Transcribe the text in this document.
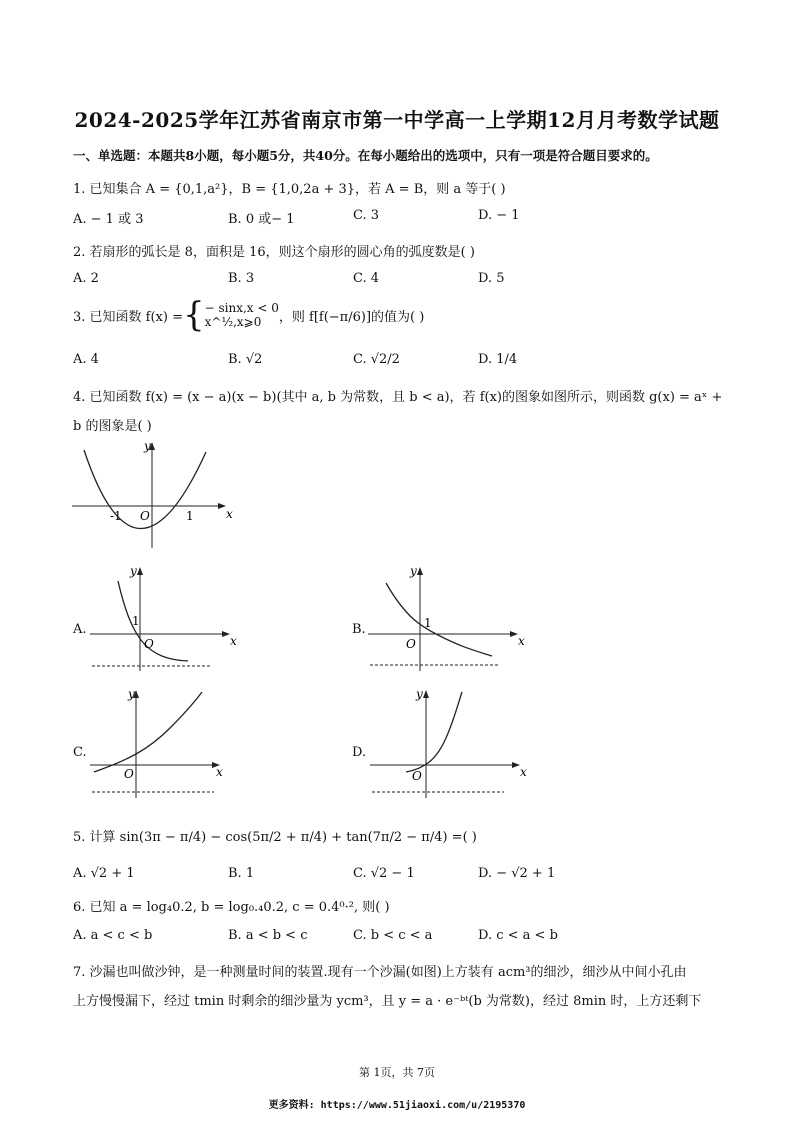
2024-2025学年江苏省南京市第一中学高一上学期12月月考数学试题
一、单选题：本题共8小题，每小题5分，共40分。在每小题给出的选项中，只有一项是符合题目要求的。
1. 已知集合 A = {0,1,a²}，B = {1,0,2a + 3}，若 A = B，则 a 等于( )
A. − 1 或 3	B. 0 或− 1	C. 3	D. − 1
2. 若扇形的弧长是 8，面积是 16，则这个扇形的圆心角的弧度数是( )
A. 2	B. 3	C. 4	D. 5
3. 已知函数 f(x) = { − sinx,x < 0
x^½,x⩾0	，则 f[f(−π/6)]的值为( )
A. 4	B. √2	C. √2/2	D. 1/4
4. 已知函数 f(x) = (x − a)(x − b)(其中 a, b 为常数，且 b < a)，若 f(x)的图象如图所示，则函数 g(x) = aˣ +
b 的图象是( )
x
y
O
-1	1
A.
x
y
O
1
B.
x
y
O
1
C.
x
y
O
D.
x
y
O
5. 计算 sin(3π − π/4) − cos(5π/2 + π/4) + tan(7π/2 − π/4) =( )
A. √2 + 1	B. 1	C. √2 − 1	D. − √2 + 1
6. 已知 a = log₄0.2, b = log₀.₄0.2, c = 0.4⁰·², 则( )
A. a < c < b	B. a < b < c	C. b < c < a	D. c < a < b
7. 沙漏也叫做沙钟，是一种测量时间的装置.现有一个沙漏(如图)上方装有 acm³的细沙，细沙从中间小孔由
上方慢慢漏下，经过 tmin 时剩余的细沙量为 ycm³，且 y = a · e⁻ᵇᵗ(b 为常数)，经过 8min 时，上方还剩下
第 1页，共 7页
更多资料: https://www.51jiaoxi.com/u/2195370
